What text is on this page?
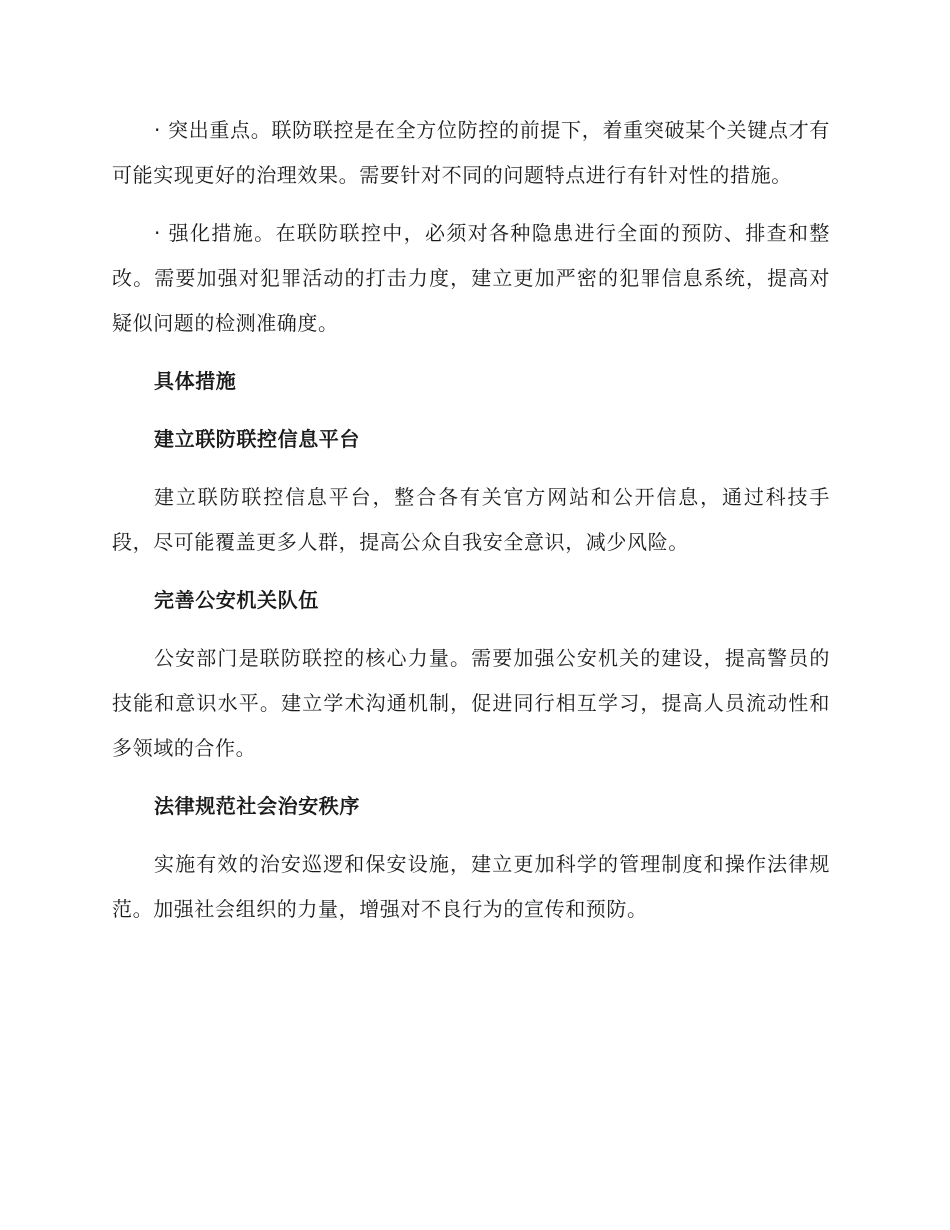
· 突出重点。联防联控是在全方位防控的前提下，着重突破某个关键点才有可能实现更好的治理效果。需要针对不同的问题特点进行有针对性的措施。

· 强化措施。在联防联控中，必须对各种隐患进行全面的预防、排查和整改。需要加强对犯罪活动的打击力度，建立更加严密的犯罪信息系统，提高对疑似问题的检测准确度。

具体措施

建立联防联控信息平台

建立联防联控信息平台，整合各有关官方网站和公开信息，通过科技手段，尽可能覆盖更多人群，提高公众自我安全意识，减少风险。

完善公安机关队伍

公安部门是联防联控的核心力量。需要加强公安机关的建设，提高警员的技能和意识水平。建立学术沟通机制，促进同行相互学习，提高人员流动性和多领域的合作。

法律规范社会治安秩序

实施有效的治安巡逻和保安设施，建立更加科学的管理制度和操作法律规范。加强社会组织的力量，增强对不良行为的宣传和预防。
